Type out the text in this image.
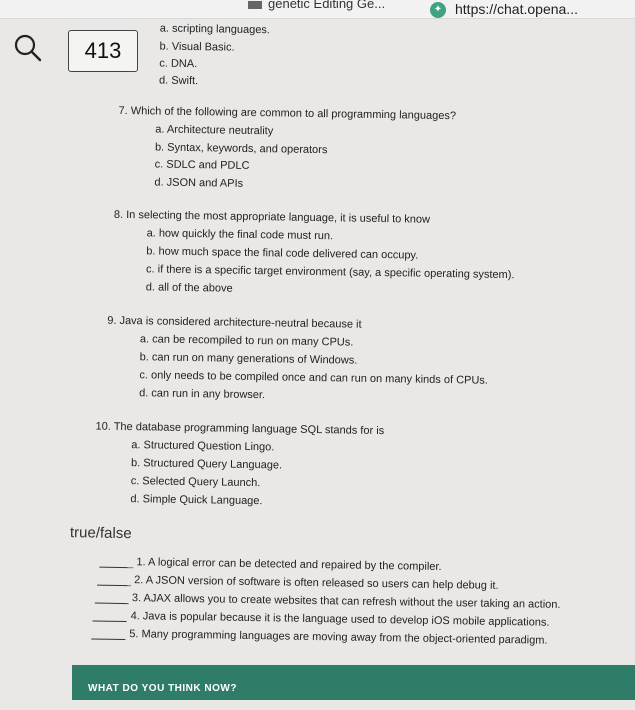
a. scripting languages.
b. Visual Basic.
c. DNA.
d. Swift.
7. Which of the following are common to all programming languages?
a. Architecture neutrality
b. Syntax, keywords, and operators
c. SDLC and PDLC
d. JSON and APIs
8. In selecting the most appropriate language, it is useful to know
a. how quickly the final code must run.
b. how much space the final code delivered can occupy.
c. if there is a specific target environment (say, a specific operating system).
d. all of the above
9. Java is considered architecture-neutral because it
a. can be recompiled to run on many CPUs.
b. can run on many generations of Windows.
c. only needs to be compiled once and can run on many kinds of CPUs.
d. can run in any browser.
10. The database programming language SQL stands for is
a. Structured Question Lingo.
b. Structured Query Language.
c. Selected Query Launch.
d. Simple Quick Language.
true/false
1. A logical error can be detected and repaired by the compiler.
2. A JSON version of software is often released so users can help debug it.
3. AJAX allows you to create websites that can refresh without the user taking an action.
4. Java is popular because it is the language used to develop iOS mobile applications.
5. Many programming languages are moving away from the object-oriented paradigm.
genetic Editing Ge...	✦ https://chat.opena...
413
WHAT DO YOU THINK NOW?
